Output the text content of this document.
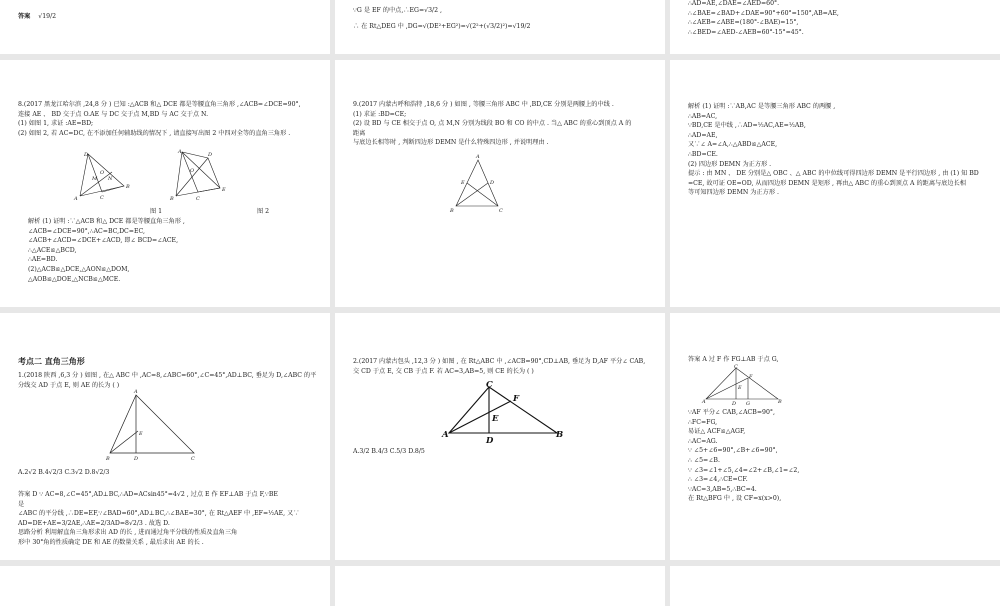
答案 √19/2

∵G 是 EF 的中点,∴EG=√3/2 ,

∴ 在 Rt△DEG 中 ,DG=√(DE²+EG²)=√(2²+(√3/2)²)=√19/2

∴AD=AE,∠DAE=∠AED=60°.

∴∠BAE=∠BAD+∠DAE=90°+60°=150°,AB=AE,

∴∠AEB=∠ABE=(180°-∠BAE)=15°,

∴∠BED=∠AED-∠AEB=60°-15°=45°.

8.(2017 黑龙江哈尔滨 ,24,8 分 ) 已知 :△ACB 和△ DCE 都是等腰直角三角形 ,∠ACB=∠DCE=90°,

连接 AE 、 BD 交于点 O.AE 与 DC 交于点 M,BD 与 AC 交于点 N.

(1) 如图 1, 求证 :AE=BD;

(2) 如图 2, 若 AC=DC, 在不添加任何辅助线的情况下 , 请直接写出图 2 中四对全等的直角三角形 .

D
A
B
C
M N
O
A	D
B
E
C
O

图 1	图 2

解析 (1) 证明 :∵△ACB 和△ DCE 都是等腰直角三角形 ,

∠ACB=∠DCE=90°,∴AC=BC,DC=EC,

∠ACB+∠ACD=∠DCE+∠ACD, 即∠ BCD=∠ACE,

∴△ACE≌△BCD,

∴AE=BD.

(2)△ACB≌△DCE,△AON≌△DOM,

△AOB≌△DOE,△NCB≌△MCE.

9.(2017 内蒙古呼和浩特 ,18,6 分 ) 如图 , 等腰三角形 ABC 中 ,BD,CE 分别是两腰上的中线 .

(1) 求证 :BD=CE;

(2) 设 BD 与 CE 相交于点 O, 点 M,N 分别为线段 BO 和 CO 的中点 . 当△ ABC 的重心到顶点 A 的

距离

与底边长相等时 , 判断四边形 DEMN 是什么特殊四边形 , 并说明理由 .

A
B	C
E	D

解析 (1) 证明 :∵AB,AC 是等腰三角形 ABC 的两腰 ,

∴AB=AC,

∵BD,CE 是中线 ,∴AD=½AC,AE=½AB,

∴AD=AE,

又∵∠ A=∠A,∴△ABD≌△ACE,

∴BD=CE.

(2) 四边形 DEMN 为正方形 .

提示 : 由 MN 、 DE 分别是△ OBC 、△ ABC 的中位线可得四边形 DEMN 是平行四边形 , 由 (1) 知 BD

=CE, 故可证 OE=OD, 从而四边形 DEMN 是矩形 , 再由△ ABC 的重心到顶点 A 的距离与底边长相

等可知四边形 DEMN 为正方形 .

考点二 直角三角形

1.(2018 陕西 ,6,3 分 ) 如图 , 在△ ABC 中 ,AC=8,∠ABC=60°,∠C=45°,AD⊥BC, 垂足为 D,∠ABC 的平

分线交 AD 于点 E, 则 AE 的长为 ( )

A
B	D	C
E

A.2√2 B.4√2/3 C.3√2 D.8√2/3

答案 D ∵ AC=8,∠C=45°,AD⊥BC,∴AD=ACsin45°=4√2 , 过点 E 作 EF⊥AB 于点 F,∵BE

是

∠ABC 的平分线 ,∴DE=EF,∵∠BAD=60°,AD⊥BC,∴∠BAE=30°, 在 Rt△AEF 中 ,EF=½AE, 又∵

AD=DE+AE=3/2AE,∴AE=2/3AD=8√2/3 . 故选 D.

思路分析 利用解直角三角形求出 AD 的长 , 进而通过角平分线的性质及直角三角

形中 30°角的性质确定 DE 和 AE 的数量关系 , 最后求出 AE 的长 .

2.(2017 内蒙古包头 ,12,3 分 ) 如图 , 在 Rt△ABC 中 ,∠ACB=90°,CD⊥AB, 垂足为 D,AF 平分∠ CAB,

交 CD 于点 E, 交 CB 于点 F. 若 AC=3,AB=5, 则 CE 的长为 ( )

C
A
D
B
E
F

A.3/2 B.4/3 C.5/3 D.8/5

答案 A 过 F 作 FG⊥AB 于点 G,

C
A	B
D G
F
E

∵AF 平分∠ CAB,∠ACB=90°,

∴FC=FG,

易证△ ACF≌△AGF,

∴AC=AG.

∵ ∠5+∠6=90°,∠B+∠6=90°,

∴ ∠5=∠B.

∵ ∠3=∠1+∠5,∠4=∠2+∠B,∠1=∠2,

∴ ∠3=∠4,∴CE=CF.

∵AC=3,AB=5,∴BC=4.

在 Rt△BFG 中 , 设 CF=x(x>0),
